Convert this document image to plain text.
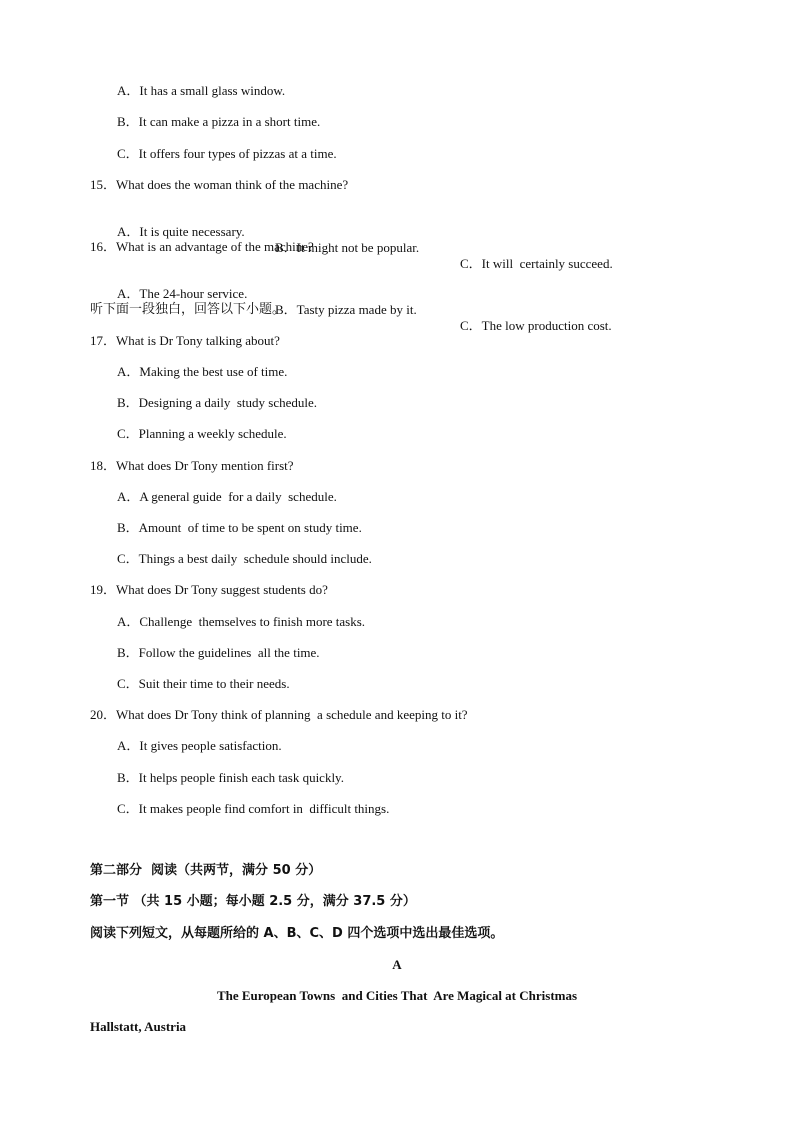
A．It has a small glass window.
B．It can make a pizza in a short time.
C．It offers four types of pizzas at a time.
15．What does the woman think of the machine?

A．It is quite necessary.

B．It might not be popular.

C．It will  certainly succeed.

16．What is an advantage of the machine?

A．The 24-hour service.

B．Tasty pizza made by it.

C．The low production cost.

听下面一段独白，回答以下小题。
17．What is Dr Tony talking about?
A．Making the best use of time.
B．Designing a daily  study schedule.
C．Planning a weekly schedule.
18．What does Dr Tony mention first?
A．A general guide  for a daily  schedule.
B．Amount  of time to be spent on study time.
C．Things a best daily  schedule should include.
19．What does Dr Tony suggest students do?
A．Challenge  themselves to finish more tasks.
B．Follow the guidelines  all the time.
C．Suit their time to their needs.
20．What does Dr Tony think of planning  a schedule and keeping to it?
A．It gives people satisfaction.
B．It helps people finish each task quickly.
C．It makes people find comfort in  difficult things.
第二部分  阅读（共两节，满分 50 分）
第一节 （共 15 小题；每小题 2.5 分，满分 37.5 分）
阅读下列短文，从每题所给的 A、B、C、D 四个选项中选出最佳选项。
A
The European Towns  and Cities That  Are Magical at Christmas
Hallstatt, Austria
